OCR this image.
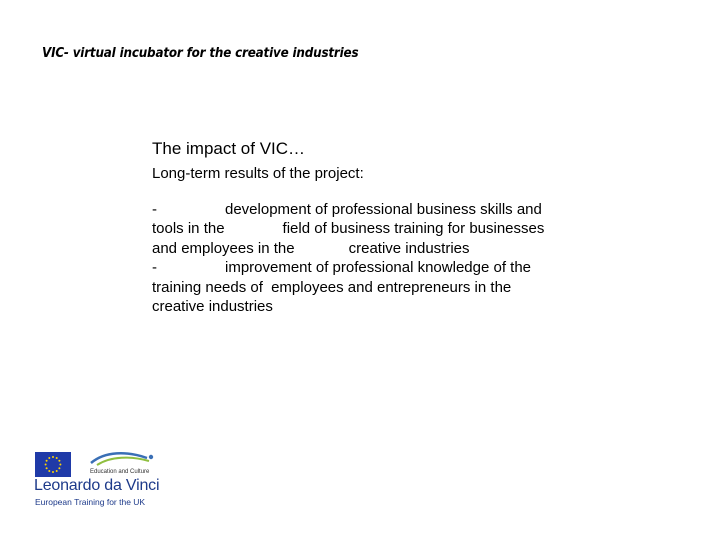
VIC- virtual incubator for the creative industries
The impact of VIC…
Long-term results of the project:
-	development of professional business skills and
tools in the	field of business training for businesses
and employees in the	creative industries
-	improvement of professional knowledge of the
training needs of employees and entrepreneurs in the
creative industries
Education and Culture
Leonardo da Vinci
European Training for the UK
